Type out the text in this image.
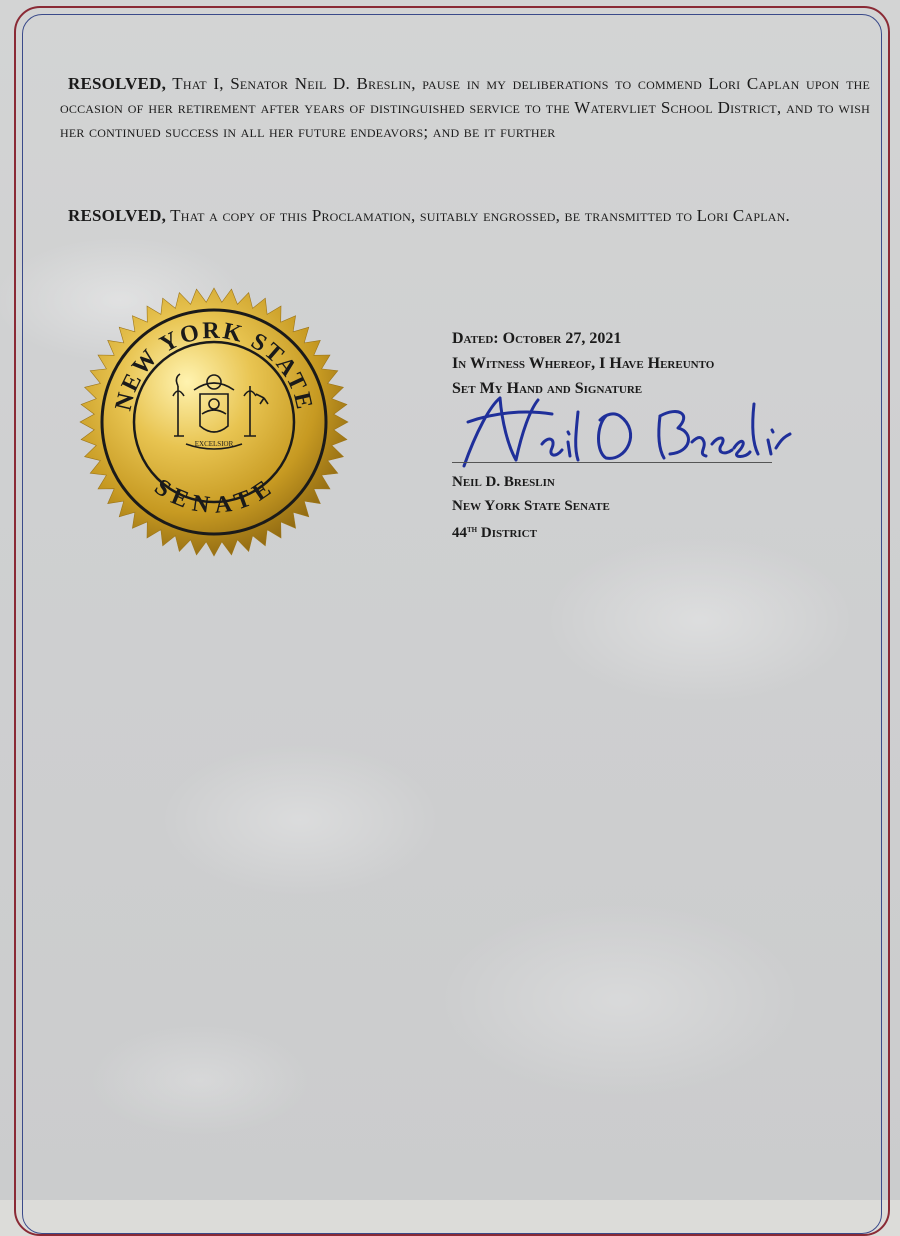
RESOLVED, That I, Senator Neil D. Breslin, pause in my deliberations to commend Lori Caplan upon the occasion of her retirement after years of distinguished service to the Watervliet School District, and to wish her continued success in all her future endeavors; and be it further
RESOLVED, That a copy of this Proclamation, suitably engrossed, be transmitted to Lori Caplan.
NEW YORK STATE
SENATE
EXCELSIOR
Dated: October 27, 2021
In Witness Whereof, I Have Hereunto
Set My Hand and Signature
Neil D. Breslin
New York State Senate
44th District
